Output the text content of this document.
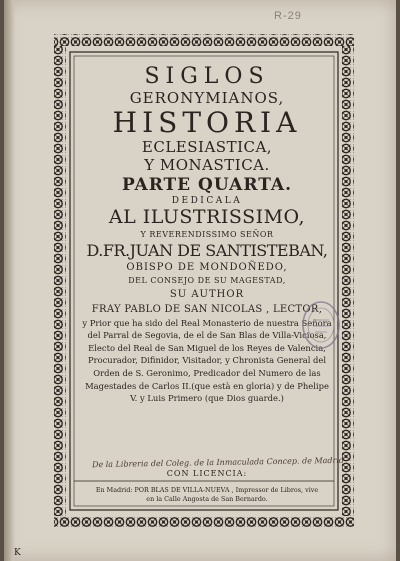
R-29
SIGLOS
GERONYMIANOS,
HISTORIA
ECLESIASTICA,
Y MONASTICA.
PARTE QUARTA.
DEDICALA
AL ILUSTRISSIMO,
Y REVERENDISSIMO SEÑOR
D.FR.JUAN DE SANTISTEBAN,
OBISPO DE MONDOÑEDO,
DEL CONSEJO DE SU MAGESTAD,
SU AUTHOR
FRAY PABLO DE SAN NICOLAS , LECTOR,
y Prior que ha sido del Real Monasterio de nuestra Señora
del Parral de Segovia, de el de San Blas de Villa-Viciosa,
Electo del Real de San Miguel de los Reyes de Valencia,
Procurador, Difinidor, Visitador, y Chronista General del
Orden de S. Geronimo, Predicador del Numero de las
Magestades de Carlos II.(que està en gloria) y de Phelipe
V. y Luis Primero (que Dios guarde.)
De la Libreria del Coleg. de la Inmaculada Concep. de Madrid
CON LICENCIA:
En Madrid: POR BLAS DE VILLA-NUEVA , Impressor de Libros, vive
en la Calle Angosta de San Bernardo.
K
